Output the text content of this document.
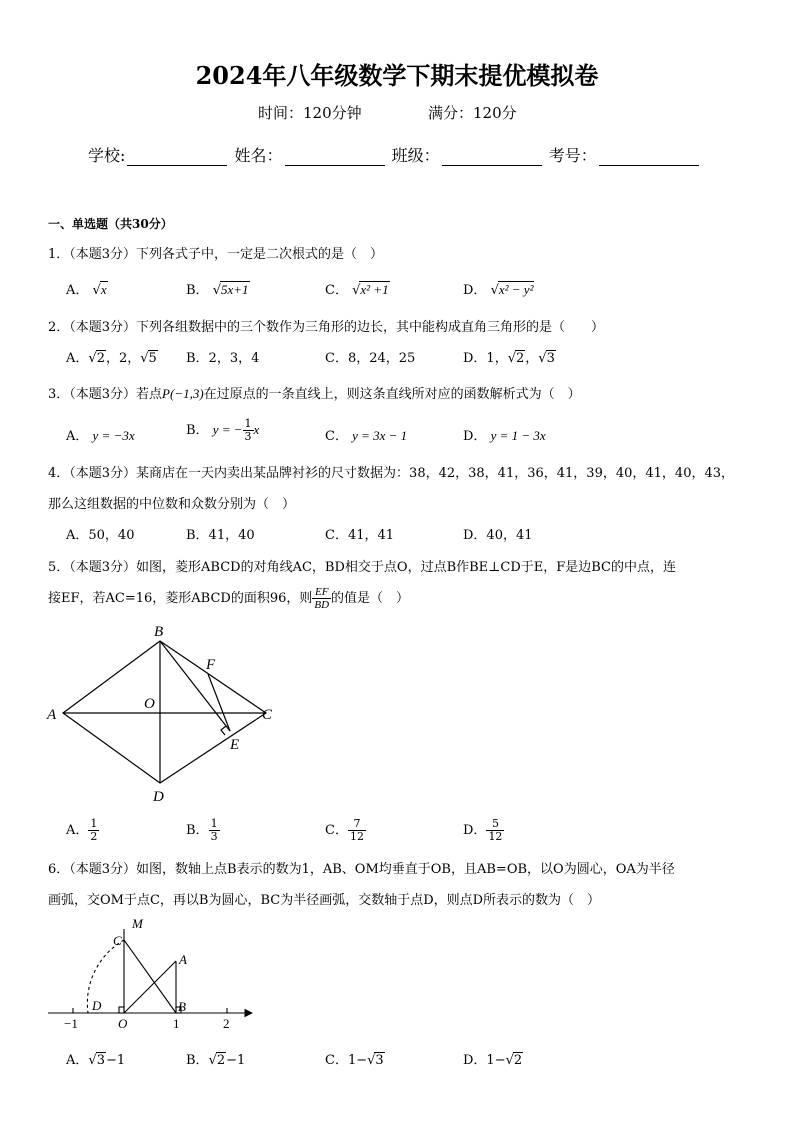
2024年八年级数学下期末提优模拟卷
时间：120分钟	满分：120分
学校:	姓名：	班级：	考号：
一、单选题（共30分）
1．（本题3分）下列各式子中，一定是二次根式的是（　）
A． √x	B． √5x+1	C． √x² +1	D． √x² − y²
2．（本题3分）下列各组数据中的三个数作为三角形的边长，其中能构成直角三角形的是（　　）
A．√2，2，√5 B．2，3，4	C．8，24，25	D．1，√2，√3
3．（本题3分）若点P(−1,3)在过原点的一条直线上，则这条直线所对应的函数解析式为（　）
A． y = −3x	B． y = − $\frac{1}{3}$ x	C． y = 3x − 1	D． y = 1 − 3x
4．（本题3分）某商店在一天内卖出某品牌衬衫的尺寸数据为：38，42，38，41，36，41，39，40，41，40，43，
那么这组数据的中位数和众数分别为（　）
A．50，40	B．41，40	C．41，41	D．40，41
5．（本题3分）如图，菱形ABCD的对角线AC，BD相交于点O，过点B作BE⊥CD于E，F是边BC的中点，连
接EF，若AC=16，菱形ABCD的面积96，则 $\frac{EF}{BD}$ 的值是（　）
A
B
C
D
O
E
F
A． $\frac{1}{2}$	B． $\frac{1}{3}$	C． $\frac{7}{12}$	D． $\frac{5}{12}$
6．（本题3分）如图，数轴上点B表示的数为1，AB、OM均垂直于OB，且AB=OB，以O为圆心，OA为半径
画弧，交OM于点C，再以B为圆心，BC为半径画弧，交数轴于点D，则点D所表示的数为（　）
M
C
A
D
O
B
−1	1	2
A．√3−1	B．√2−1	C．1−√3	D．1−√2
